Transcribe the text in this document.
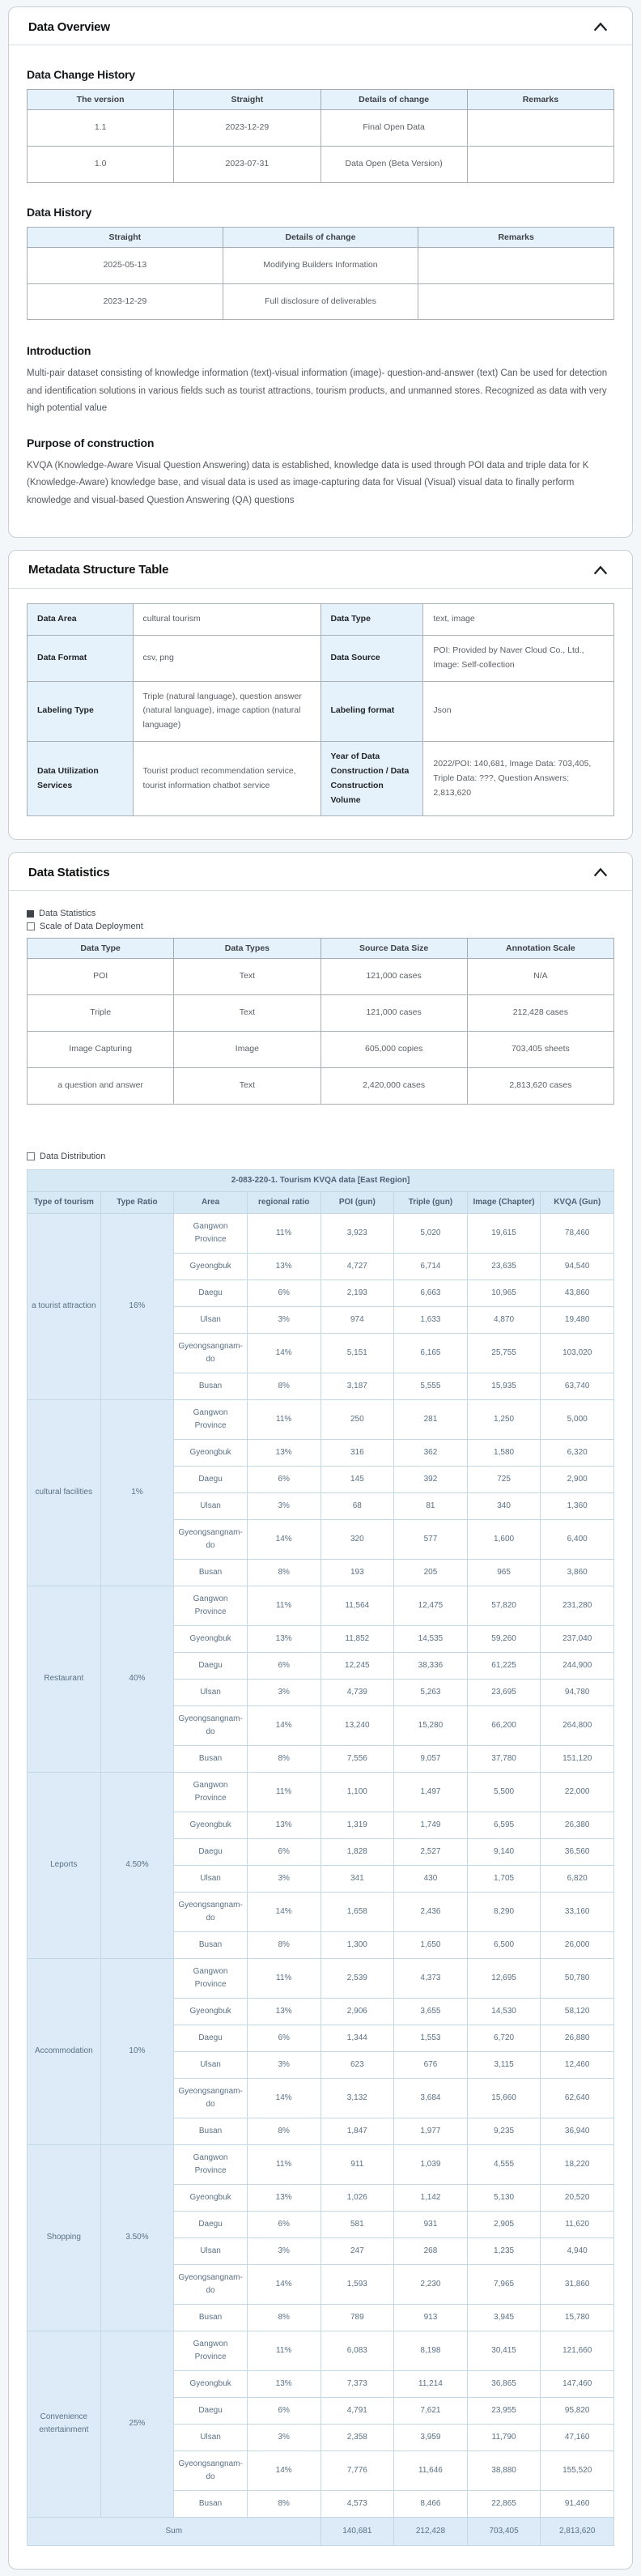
Data Overview
Data Change History
The version	Straight	Details of change	Remarks
1.1	2023-12-29	Final Open Data	
1.0	2023-07-31	Data Open (Beta Version)	
Data History
Straight	Details of change	Remarks
2025-05-13	Modifying Builders Information	
2023-12-29	Full disclosure of deliverables	
Introduction

Multi-pair dataset consisting of knowledge information (text)-visual information (image)- question-and-answer (text) Can be used for detection and identification solutions in various fields such as tourist attractions, tourism products, and unmanned stores. Recognized as data with very high potential value

Purpose of construction

KVQA (Knowledge-Aware Visual Question Answering) data is established, knowledge data is used through POI data and triple data for K (Knowledge-Aware) knowledge base, and visual data is used as image-capturing data for Visual (Visual) visual data to finally perform knowledge and visual-based Question Answering (QA) questions

Metadata Structure Table
Data Area	cultural tourism	Data Type	text, image
Data Format	csv, png	Data Source	POI: Provided by Naver Cloud Co., Ltd., Image: Self-collection
Labeling Type	Triple (natural language), question answer (natural language), image caption (natural language)	Labeling format	Json
Data Utilization Services	Tourist product recommendation service, tourist information chatbot service	Year of Data Construction / Data Construction Volume	2022/POI: 140,681, Image Data: 703,405, Triple Data: ???, Question Answers: 2,813,620
Data Statistics
Data Statistics
Scale of Data Deployment
Data Type	Data Types	Source Data Size	Annotation Scale
POI	Text	121,000 cases	N/A
Triple	Text	121,000 cases	212,428 cases
Image Capturing	Image	605,000 copies	703,405 sheets
a question and answer	Text	2,420,000 cases	2,813,620 cases
Data Distribution
2-083-220-1. Tourism KVQA data [East Region]							
Type of tourism	Type Ratio	Area	regional ratio	POI (gun)	Triple (gun)	Image (Chapter)	KVQA (Gun)
a tourist attraction	16%	Gangwon Province	11%	3,923	5,020	19,615	78,460
		Gyeongbuk	13%	4,727	6,714	23,635	94,540
		Daegu	6%	2,193	6,663	10,965	43,860
		Ulsan	3%	974	1,633	4,870	19,480
		Gyeongsangnam-do	14%	5,151	6,165	25,755	103,020
		Busan	8%	3,187	5,555	15,935	63,740
cultural facilities	1%	Gangwon Province	11%	250	281	1,250	5,000
		Gyeongbuk	13%	316	362	1,580	6,320
		Daegu	6%	145	392	725	2,900
		Ulsan	3%	68	81	340	1,360
		Gyeongsangnam-do	14%	320	577	1,600	6,400
		Busan	8%	193	205	965	3,860
Restaurant	40%	Gangwon Province	11%	11,564	12,475	57,820	231,280
		Gyeongbuk	13%	11,852	14,535	59,260	237,040
		Daegu	6%	12,245	38,336	61,225	244,900
		Ulsan	3%	4,739	5,263	23,695	94,780
		Gyeongsangnam-do	14%	13,240	15,280	66,200	264,800
		Busan	8%	7,556	9,057	37,780	151,120
Leports	4.50%	Gangwon Province	11%	1,100	1,497	5,500	22,000
		Gyeongbuk	13%	1,319	1,749	6,595	26,380
		Daegu	6%	1,828	2,527	9,140	36,560
		Ulsan	3%	341	430	1,705	6,820
		Gyeongsangnam-do	14%	1,658	2,436	8,290	33,160
		Busan	8%	1,300	1,650	6,500	26,000
Accommodation	10%	Gangwon Province	11%	2,539	4,373	12,695	50,780
		Gyeongbuk	13%	2,906	3,655	14,530	58,120
		Daegu	6%	1,344	1,553	6,720	26,880
		Ulsan	3%	623	676	3,115	12,460
		Gyeongsangnam-do	14%	3,132	3,684	15,660	62,640
		Busan	8%	1,847	1,977	9,235	36,940
Shopping	3.50%	Gangwon Province	11%	911	1,039	4,555	18,220
		Gyeongbuk	13%	1,026	1,142	5,130	20,520
		Daegu	6%	581	931	2,905	11,620
		Ulsan	3%	247	268	1,235	4,940
		Gyeongsangnam-do	14%	1,593	2,230	7,965	31,860
		Busan	8%	789	913	3,945	15,780
Convenience entertainment	25%	Gangwon Province	11%	6,083	8,198	30,415	121,660
		Gyeongbuk	13%	7,373	11,214	36,865	147,460
		Daegu	6%	4,791	7,621	23,955	95,820
		Ulsan	3%	2,358	3,959	11,790	47,160
		Gyeongsangnam-do	14%	7,776	11,646	38,880	155,520
		Busan	8%	4,573	8,466	22,865	91,460
Sum				140,681	212,428	703,405	2,813,620
